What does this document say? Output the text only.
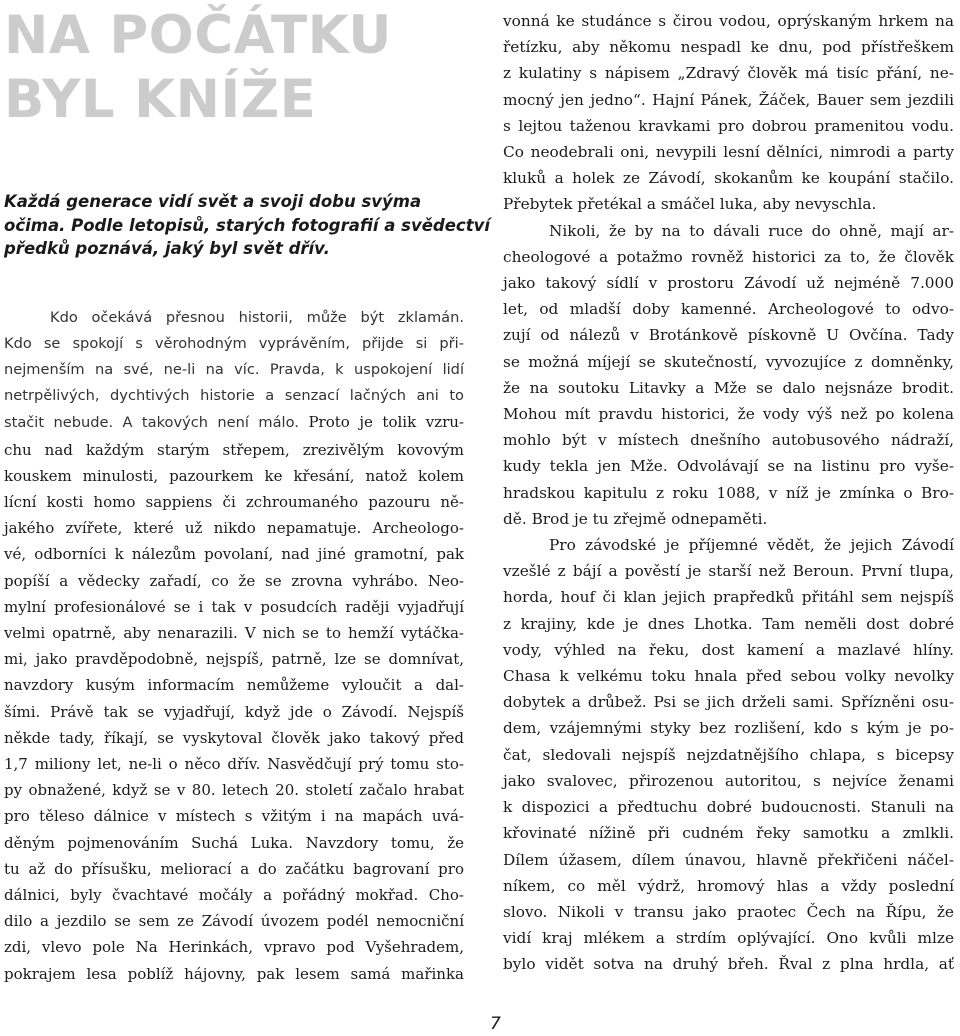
NA POČÁTKU
BYL KNÍŽE

Každá generace vidí svět a svoji dobu svýma
očima. Podle letopisů, starých fotografií a svědectví
předků poznává, jaký byl svět dřív.

Kdo očekává přesnou historii, může být zklamán.
Kdo se spokojí s věrohodným vyprávěním, přijde si při-
nejmenším na své, ne-li na víc. Pravda, k uspokojení lidí
netrpělivých, dychtivých historie a senzací lačných ani to
stačit nebude. A takových není málo. Proto je tolik vzru-
chu nad každým starým střepem, zrezivělým kovovým
kouskem minulosti, pazourkem ke křesání, natož kolem
lícní kosti homo sappiens či zchroumaného pazouru ně-
jakého zvířete, které už nikdo nepamatuje. Archeologo-
vé, odborníci k nálezům povolaní, nad jiné gramotní, pak
popíší a vědecky zařadí, co že se zrovna vyhrábo. Neo-
mylní profesionálové se i tak v posudcích raději vyjadřují
velmi opatrně, aby nenarazili. V nich se to hemží vytáčka-
mi, jako pravděpodobně, nejspíš, patrně, lze se domnívat,
navzdory kusým informacím nemůžeme vyloučit a dal-
šími. Právě tak se vyjadřují, když jde o Závodí. Nejspíš
někde tady, říkají, se vyskytoval člověk jako takový před
1,7 miliony let, ne-li o něco dřív. Nasvědčují prý tomu sto-
py obnažené, když se v 80. letech 20. století začalo hrabat
pro těleso dálnice v místech s vžitým i na mapách uvá-
děným pojmenováním Suchá Luka. Navzdory tomu, že
tu až do přísušku, meliorací a do začátku bagrovaní pro
dálnici, byly čvachtavé močály a pořádný mokřad. Cho-
dilo a jezdilo se sem ze Závodí úvozem podél nemocniční
zdi, vlevo pole Na Herinkách, vpravo pod Vyšehradem,
pokrajem lesa poblíž hájovny, pak lesem samá mařinka
vonná ke studánce s čirou vodou, oprýskaným hrkem na
řetízku, aby někomu nespadl ke dnu, pod přístřeškem
z kulatiny s nápisem „Zdravý člověk má tisíc přání, ne-
mocný jen jedno“. Hajní Pánek, Žáček, Bauer sem jezdili
s lejtou taženou kravkami pro dobrou pramenitou vodu.
Co neodebrali oni, nevypili lesní dělníci, nimrodi a party
kluků a holek ze Závodí, skokanům ke koupání stačilo.
Přebytek přetékal a smáčel luka, aby nevyschla.
Nikoli, že by na to dávali ruce do ohně, mají ar-
cheologové a potažmo rovněž historici za to, že člověk
jako takový sídlí v prostoru Závodí už nejméně 7.000
let, od mladší doby kamenné. Archeologové to odvo-
zují od nálezů v Brotánkově pískovně U Ovčína. Tady
se možná míjejí se skutečností, vyvozujíce z domněnky,
že na soutoku Litavky a Mže se dalo nejsnáze brodit.
Mohou mít pravdu historici, že vody výš než po kolena
mohlo být v místech dnešního autobusového nádraží,
kudy tekla jen Mže. Odvolávají se na listinu pro vyše-
hradskou kapitulu z roku 1088, v níž je zmínka o Bro-
dě. Brod je tu zřejmě odnepaměti.
Pro závodské je příjemné vědět, že jejich Závodí
vzešlé z bájí a pověstí je starší než Beroun. První tlupa,
horda, houf či klan jejich prapředků přitáhl sem nejspíš
z krajiny, kde je dnes Lhotka. Tam neměli dost dobré
vody, výhled na řeku, dost kamení a mazlavé hlíny.
Chasa k velkému toku hnala před sebou volky nevolky
dobytek a drůbež. Psi se jich drželi sami. Spřízněni osu-
dem, vzájemnými styky bez rozlišení, kdo s kým je po-
čat, sledovali nejspíš nejzdatnějšího chlapa, s bicepsy
jako svalovec, přirozenou autoritou, s nejvíce ženami
k dispozici a předtuchu dobré budoucnosti. Stanuli na
křovinaté nížině při cudném řeky samotku a zmlkli.
Dílem úžasem, dílem únavou, hlavně překřičeni náčel-
níkem, co měl výdrž, hromový hlas a vždy poslední
slovo. Nikoli v transu jako praotec Čech na Řípu, že
vidí kraj mlékem a strdím oplývající. Ono kvůli mlze
bylo vidět sotva na druhý břeh. Řval z plna hrdla, ať
7
